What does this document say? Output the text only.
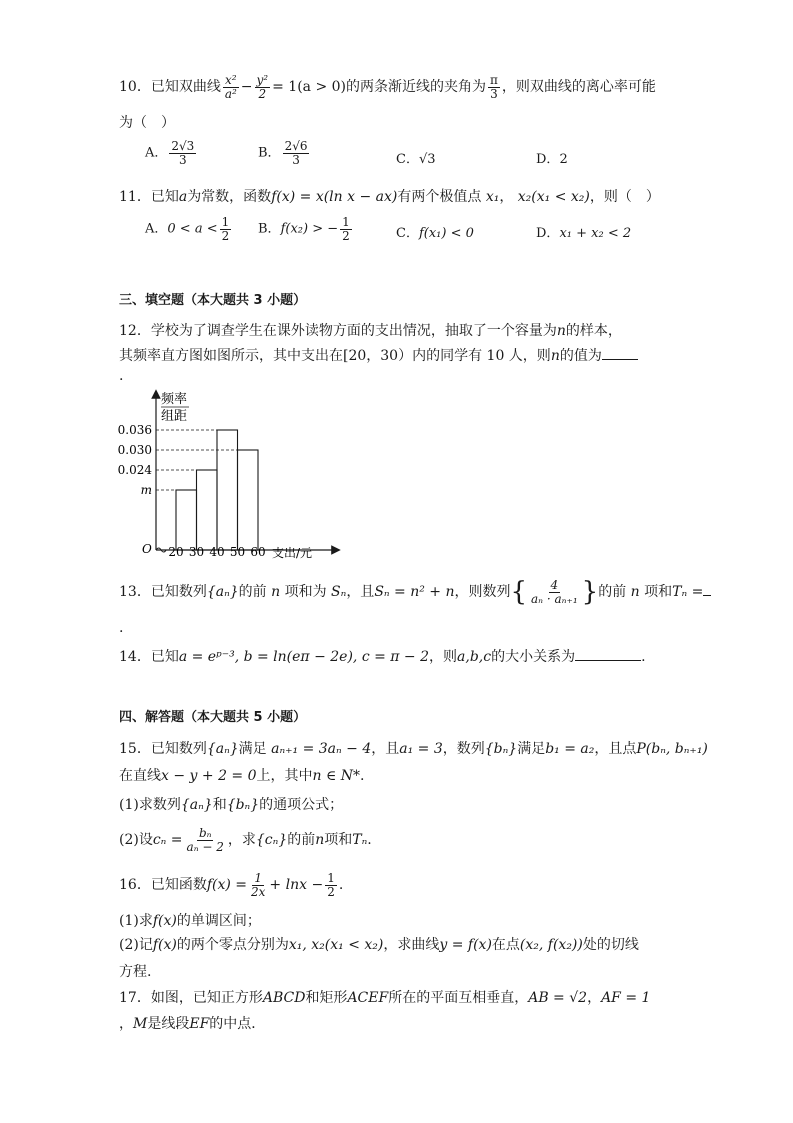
10．已知双曲线 $\frac{\text{x²}}{\text{a²}} - \frac{\text{y²}}{2} = 1(a > 0)$的两条渐近线的夹角为 $\frac{\pi}{3}$ ，则双曲线的离心率可能
为（　）
A． $\frac{2√3}{3}$	B． $\frac{2√6}{3}$	C．√3	D．2
11．已知a为常数，函数f(x) = x(ln x − ax)有两个极值点 x₁， x₂(x₁ < x₂)，则（　）
A．$0 < a < \frac{1}{2}$ B．f(x₂) > − $\frac{1}{2}$	C．f(x₁) < 0	D．x₁ + x₂ < 2
三、填空题（本大题共 3 小题）
12．学校为了调查学生在课外读物方面的支出情况，抽取了一个容量为n的样本，
其频率直方图如图所示，其中支出在[20，30）内的同学有 10 人，则n的值为
.
0.036
0.030
0.024
m
20 30 40 50 60
频率
组距
支出/元
O
13．已知数列{aₙ}的前 n 项和为 Sₙ，且Sₙ = n² + n，则数列{ $\frac{4}{\text{aₙ · aₙ₊₁}}$ }的前 n 项和Tₙ =
.
14．已知a = eᵖ⁻³, b = ln(eπ − 2e), c = π − 2，则a,b,c的大小关系为	.
四、解答题（本大题共 5 小题）
15．已知数列{aₙ}满足 aₙ₊₁ = 3aₙ − 4，且a₁ = 3，数列{bₙ}满足b₁ = a₂，且点P(bₙ, bₙ₊₁)
在直线x − y + 2 = 0上，其中n ∈ N*.
(1)求数列{aₙ}和{bₙ}的通项公式；
(2)设$c_n = \frac{\text{bₙ}}{\text{aₙ − 2}}$ ，求{cₙ}的前n项和Tₙ.
16．已知函数$f(x) = \frac{1}{2x} + \ln x - \frac{1}{2}$ .
(1)求f(x)的单调区间；
(2)记f(x)的两个零点分别为x₁, x₂(x₁ < x₂)，求曲线y = f(x)在点(x₂, f(x₂))处的切线
方程.
17．如图，已知正方形ABCD和矩形ACEF所在的平面互相垂直，AB = √2，AF = 1
，M是线段EF的中点．
